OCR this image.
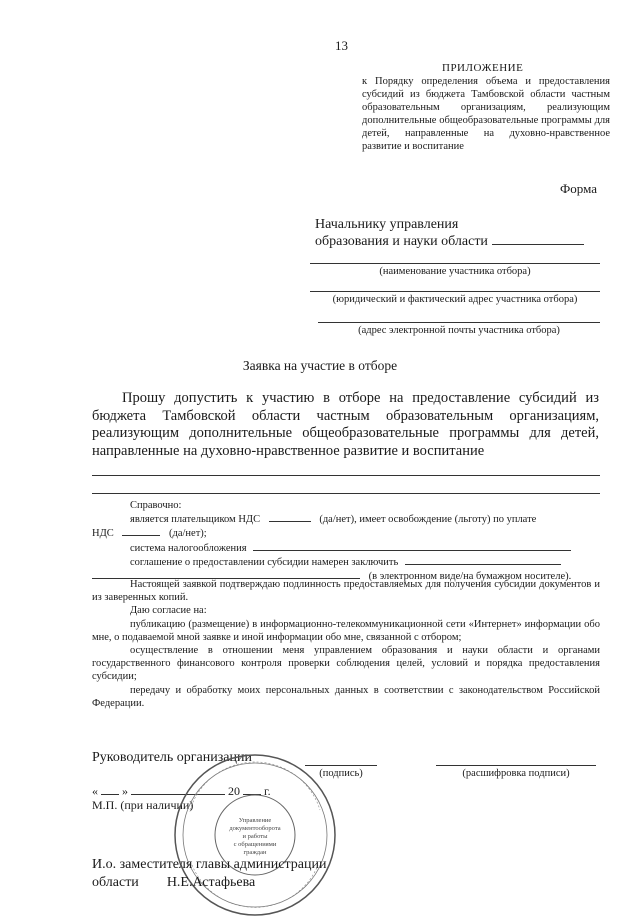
13
ПРИЛОЖЕНИЕ
к Порядку определения объема и предоставления субсидий из бюджета Тамбовской области частным образовательным организациям, реализующим дополнительные общеобразовательные программы для детей, направленные на духовно-нравственное развитие и воспитание
Форма
Начальнику управления
образования и науки области
(наименование участника отбора)
(юридический и фактический адрес участника отбора)
(адрес электронной почты участника отбора)
Заявка на участие в отборе
Прошу допустить к участию в отборе на предоставление субсидий из бюджета Тамбовской области частным образовательным организациям, реализующим дополнительные общеобразовательные программы для детей, направленные на духовно-нравственное развитие и воспитание
Справочно:
является плательщиком НДС	(да/нет), имеет освобождение (льготу) по уплате
НДС	(да/нет);
система налогообложения
соглашение о предоставлении субсидии намерен заключить
(в электронном виде/на бумажном носителе).
Настоящей заявкой подтверждаю подлинность предоставляемых для получения субсидии документов и из заверенных копий.
Даю согласие на:
публикацию (размещение) в информационно-телекоммуникационной сети «Интернет» информации обо мне, о подаваемой мной заявке и иной информации обо мне, связанной с отбором;
осуществление в отношении меня управлением образования и науки области и органами государственного финансового контроля проверки соблюдения целей, условий и порядка предоставления субсидии;
передачу и обработку моих персональных данных в соответствии с законодательством Российской Федерации.
Руководитель организации
(подпись)	(расшифровка подписи)
« »	20 г.
М.П. (при наличии)
Управление
документооборота
и работы
с обращениями
граждан
И.о. заместителя главы администрации
области Н.Е.Астафьева
